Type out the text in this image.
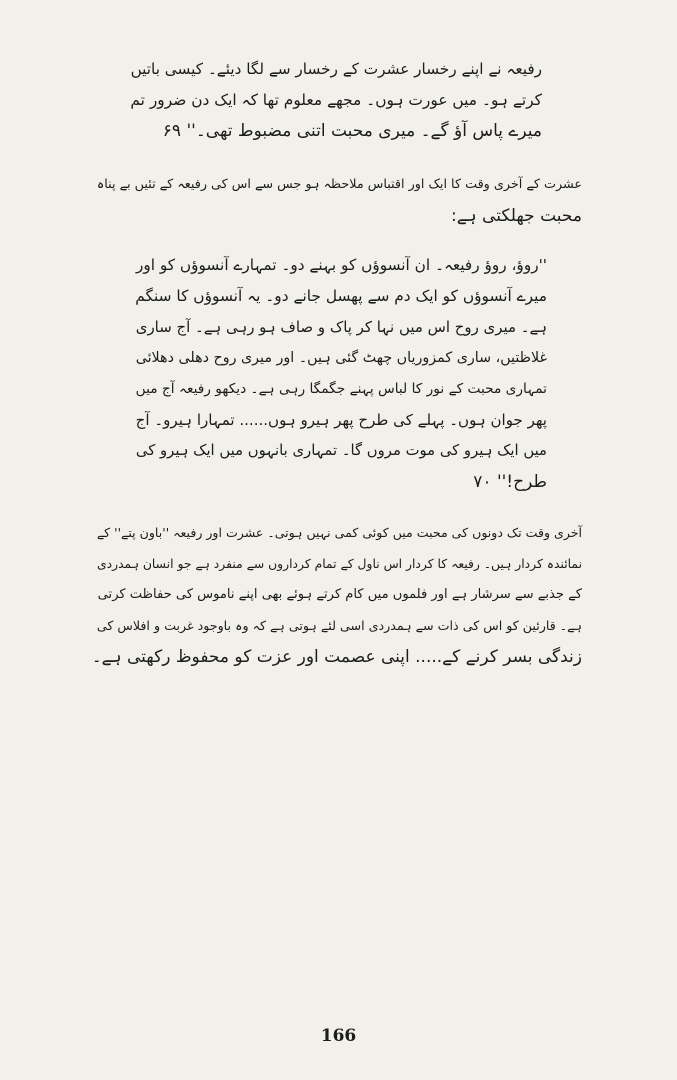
رفیعہ نے اپنے رخسار عشرت کے رخسار سے لگا دیئے۔ کیسی باتیں
کرتے ہو۔ میں عورت ہوں۔ مجھے معلوم تھا کہ ایک دن ضرور تم
میرے پاس آؤ گے۔ میری محبت اتنی مضبوط تھی۔'' ۶۹
عشرت کے آخری وقت کا ایک اور اقتباس ملاحظہ ہو جس سے اس کی رفیعہ کے تئیں بے پناہ
محبت جھلکتی ہے:
''روؤ، روؤ رفیعہ۔ ان آنسوؤں کو بہنے دو۔ تمہارے آنسوؤں کو اور
میرے آنسوؤں کو ایک دم سے پھسل جانے دو۔ یہ آنسوؤں کا سنگم
ہے۔ میری روح اس میں نہا کر پاک و صاف ہو رہی ہے۔ آج ساری
غلاظتیں، ساری کمزوریاں چھٹ گئی ہیں۔ اور میری روح دھلی دھلائی
تمہاری محبت کے نور کا لباس پہنے جگمگا رہی ہے۔ دیکھو رفیعہ آج میں
پھر جوان ہوں۔ پہلے کی طرح پھر ہیرو ہوں...... تمہارا ہیرو۔ آج
میں ایک ہیرو کی موت مروں گا۔ تمہاری بانہوں میں ایک ہیرو کی
طرح!'' ۷۰
آخری وقت تک دونوں کی محبت میں کوئی کمی نہیں ہوتی۔ عشرت اور رفیعہ ''باون پتے'' کے
نمائندہ کردار ہیں۔ رفیعہ کا کردار اس ناول کے تمام کرداروں سے منفرد ہے جو انسان ہمدردی
کے جذبے سے سرشار ہے اور فلموں میں کام کرتے ہوئے بھی اپنے ناموس کی حفاظت کرتی
ہے۔ قارئین کو اس کی ذات سے ہمدردی اسی لئے ہوتی ہے کہ وہ باوجود غربت و افلاس کی
زندگی بسر کرنے کے..... اپنی عصمت اور عزت کو محفوظ رکھتی ہے۔
166
